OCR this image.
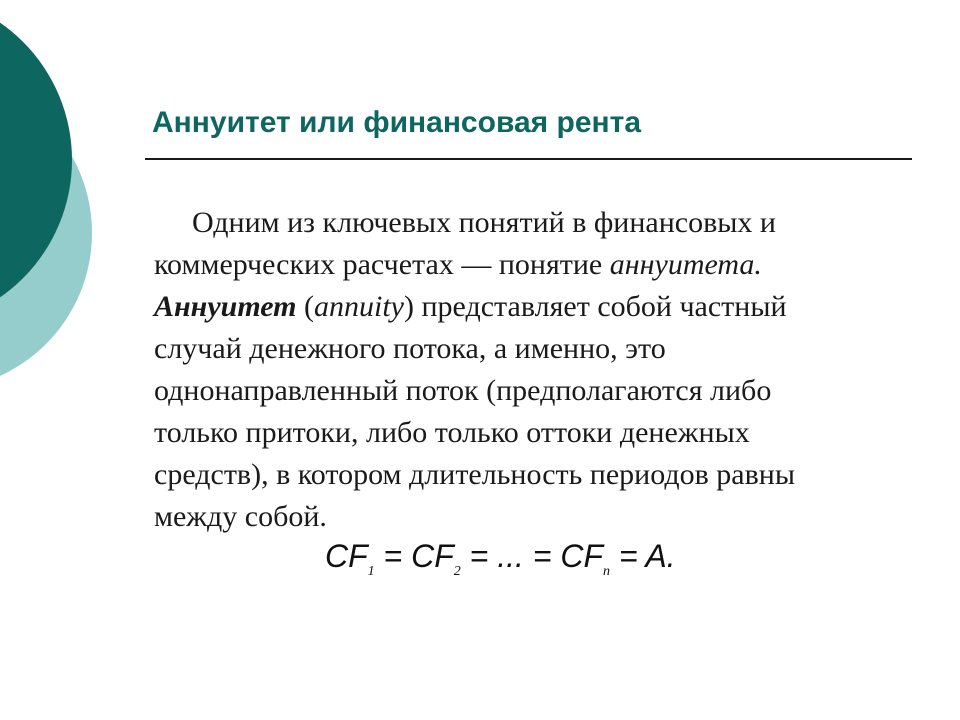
Аннуитет или финансовая рента

Одним из ключевых понятий в финансовых и
коммерческих расчетах — понятие аннуитета.
Аннуитет (annuity) представляет собой частный
случай денежного потока, а именно, это
однонаправленный поток (предполагаются либо
только притоки, либо только оттоки денежных
средств), в котором длительность периодов равны
между собой.

$CF_1 = CF_2$ = ... = $CF_n = A$.
